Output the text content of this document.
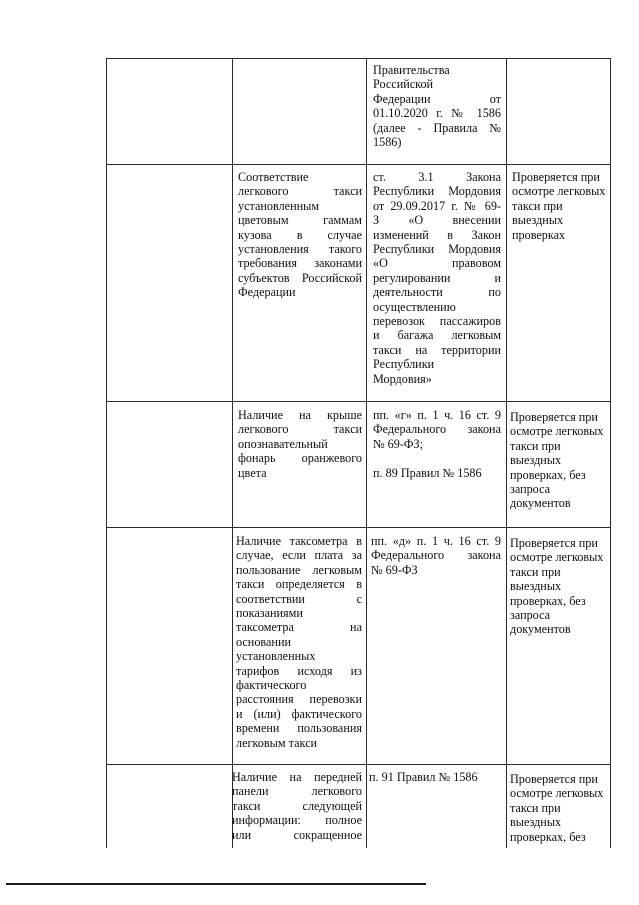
Правительства

Российской

Федерации от

01.10.2020 г. № 1586

(далее - Правила №

1586)

Соответствие

легкового такси

установленным

цветовым гаммам

кузова в случае

установления такого

требования законами

субъектов Российской

Федерации

ст. 3.1 Закона

Республики Мордовия

от 29.09.2017 г. № 69-

З «О внесении

изменений в Закон

Республики Мордовия

«О правовом

регулировании и

деятельности по

осуществлению

перевозок пассажиров

и багажа легковым

такси на территории

Республики

Мордовия»

Проверяется при

осмотре легковых

такси при

выездных

проверках

Наличие на крыше

легкового такси

опознавательный

фонарь оранжевого

цвета

пп. «г» п. 1 ч. 16 ст. 9

Федерального закона

№ 69-ФЗ;

п. 89 Правил № 1586

Проверяется при

осмотре легковых

такси при

выездных

проверках, без

запроса

документов

Наличие таксометра в

случае, если плата за

пользование легковым

такси определяется в

соответствии с

показаниями

таксометра на

основании

установленных

тарифов исходя из

фактического

расстояния перевозки

и (или) фактического

времени пользования

легковым такси

пп. «д» п. 1 ч. 16 ст. 9

Федерального закона

№ 69-ФЗ

Проверяется при

осмотре легковых

такси при

выездных

проверках, без

запроса

документов

Наличие на передней

панели легкового

такси следующей

информации: полное

или сокращенное

п. 91 Правил № 1586	Проверяется при

осмотре легковых

такси при

выездных

проверках, без
